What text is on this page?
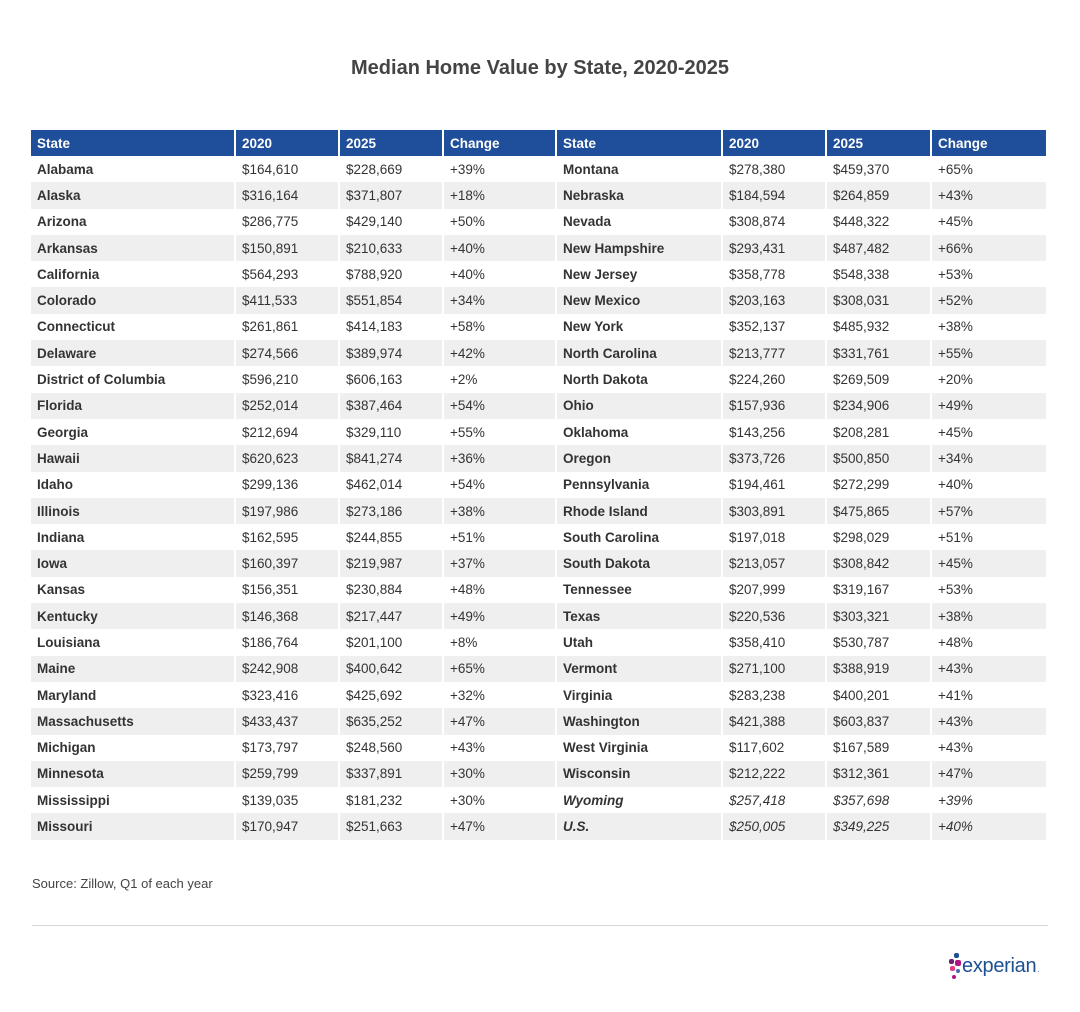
Median Home Value by State, 2020-2025
State	2020	2025	Change	State	2020	2025	Change
Alabama	$164,610	$228,669	+39%	Montana	$278,380	$459,370	+65%
Alaska	$316,164	$371,807	+18%	Nebraska	$184,594	$264,859	+43%
Arizona	$286,775	$429,140	+50%	Nevada	$308,874	$448,322	+45%
Arkansas	$150,891	$210,633	+40%	New Hampshire	$293,431	$487,482	+66%
California	$564,293	$788,920	+40%	New Jersey	$358,778	$548,338	+53%
Colorado	$411,533	$551,854	+34%	New Mexico	$203,163	$308,031	+52%
Connecticut	$261,861	$414,183	+58%	New York	$352,137	$485,932	+38%
Delaware	$274,566	$389,974	+42%	North Carolina	$213,777	$331,761	+55%
District of Columbia	$596,210	$606,163	+2%	North Dakota	$224,260	$269,509	+20%
Florida	$252,014	$387,464	+54%	Ohio	$157,936	$234,906	+49%
Georgia	$212,694	$329,110	+55%	Oklahoma	$143,256	$208,281	+45%
Hawaii	$620,623	$841,274	+36%	Oregon	$373,726	$500,850	+34%
Idaho	$299,136	$462,014	+54%	Pennsylvania	$194,461	$272,299	+40%
Illinois	$197,986	$273,186	+38%	Rhode Island	$303,891	$475,865	+57%
Indiana	$162,595	$244,855	+51%	South Carolina	$197,018	$298,029	+51%
Iowa	$160,397	$219,987	+37%	South Dakota	$213,057	$308,842	+45%
Kansas	$156,351	$230,884	+48%	Tennessee	$207,999	$319,167	+53%
Kentucky	$146,368	$217,447	+49%	Texas	$220,536	$303,321	+38%
Louisiana	$186,764	$201,100	+8%	Utah	$358,410	$530,787	+48%
Maine	$242,908	$400,642	+65%	Vermont	$271,100	$388,919	+43%
Maryland	$323,416	$425,692	+32%	Virginia	$283,238	$400,201	+41%
Massachusetts	$433,437	$635,252	+47%	Washington	$421,388	$603,837	+43%
Michigan	$173,797	$248,560	+43%	West Virginia	$117,602	$167,589	+43%
Minnesota	$259,799	$337,891	+30%	Wisconsin	$212,222	$312,361	+47%
Mississippi	$139,035	$181,232	+30%	Wyoming	$257,418	$357,698	+39%
Missouri	$170,947	$251,663	+47%	U.S.	$250,005	$349,225	+40%
Source: Zillow, Q1 of each year
experian.
